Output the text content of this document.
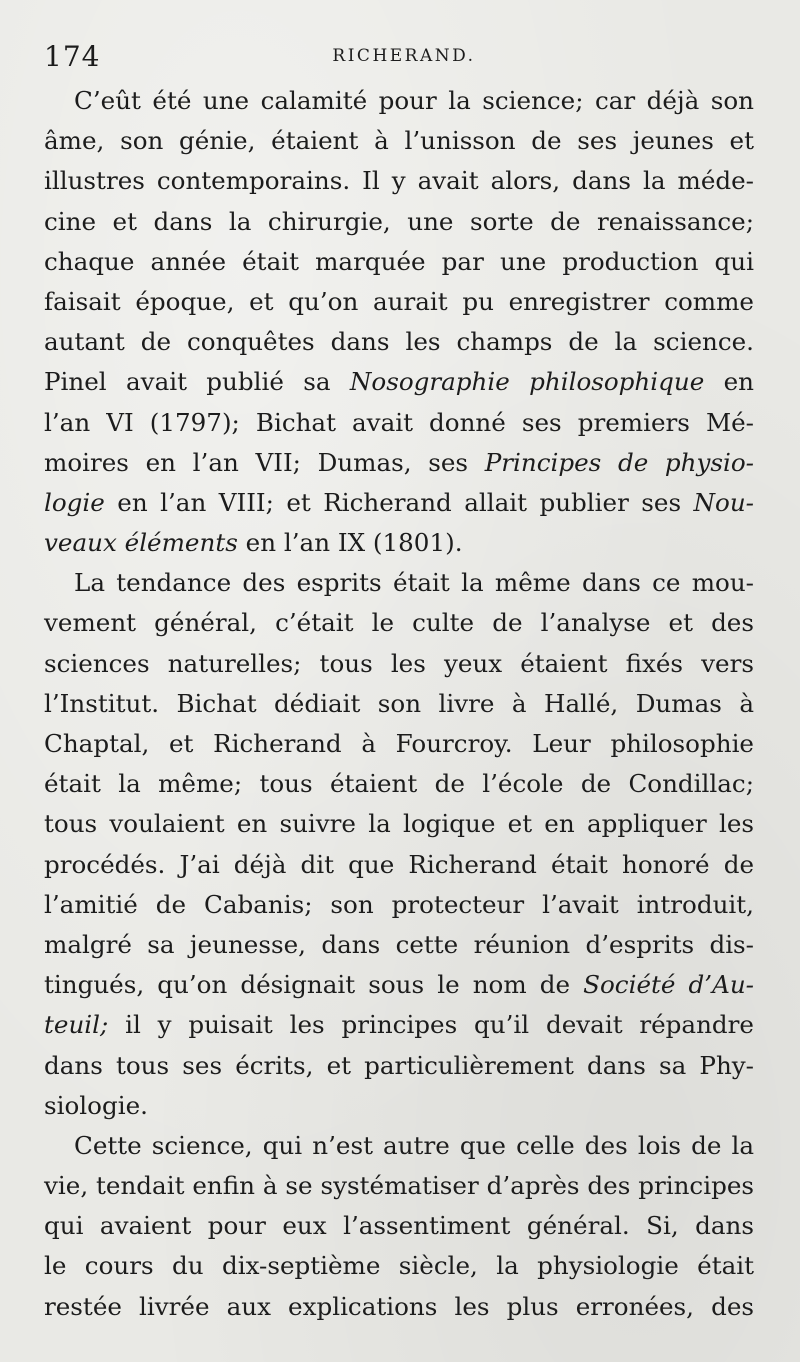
174	RICHERAND.

C’eût été une calamité pour la science; car déjà son
âme, son génie, étaient à l’unisson de ses jeunes et
illustres contemporains. Il y avait alors, dans la méde-
cine et dans la chirurgie, une sorte de renaissance;
chaque année était marquée par une production qui
faisait époque, et qu’on aurait pu enregistrer comme
autant de conquêtes dans les champs de la science.
Pinel avait publié sa Nosographie philosophique en
l’an VI (1797); Bichat avait donné ses premiers Mé-
moires en l’an VII; Dumas, ses Principes de physio-
logie en l’an VIII; et Richerand allait publier ses Nou-
veaux éléments en l’an IX (1801).

La tendance des esprits était la même dans ce mou-
vement général, c’était le culte de l’analyse et des
sciences naturelles; tous les yeux étaient fixés vers
l’Institut. Bichat dédiait son livre à Hallé, Dumas à
Chaptal, et Richerand à Fourcroy. Leur philosophie
était la même; tous étaient de l’école de Condillac;
tous voulaient en suivre la logique et en appliquer les
procédés. J’ai déjà dit que Richerand était honoré de
l’amitié de Cabanis; son protecteur l’avait introduit,
malgré sa jeunesse, dans cette réunion d’esprits dis-
tingués, qu’on désignait sous le nom de Société d’Au-
teuil; il y puisait les principes qu’il devait répandre
dans tous ses écrits, et particulièrement dans sa Phy-
siologie.

Cette science, qui n’est autre que celle des lois de la
vie, tendait enfin à se systématiser d’après des principes
qui avaient pour eux l’assentiment général. Si, dans
le cours du dix-septième siècle, la physiologie était
restée livrée aux explications les plus erronées, des
